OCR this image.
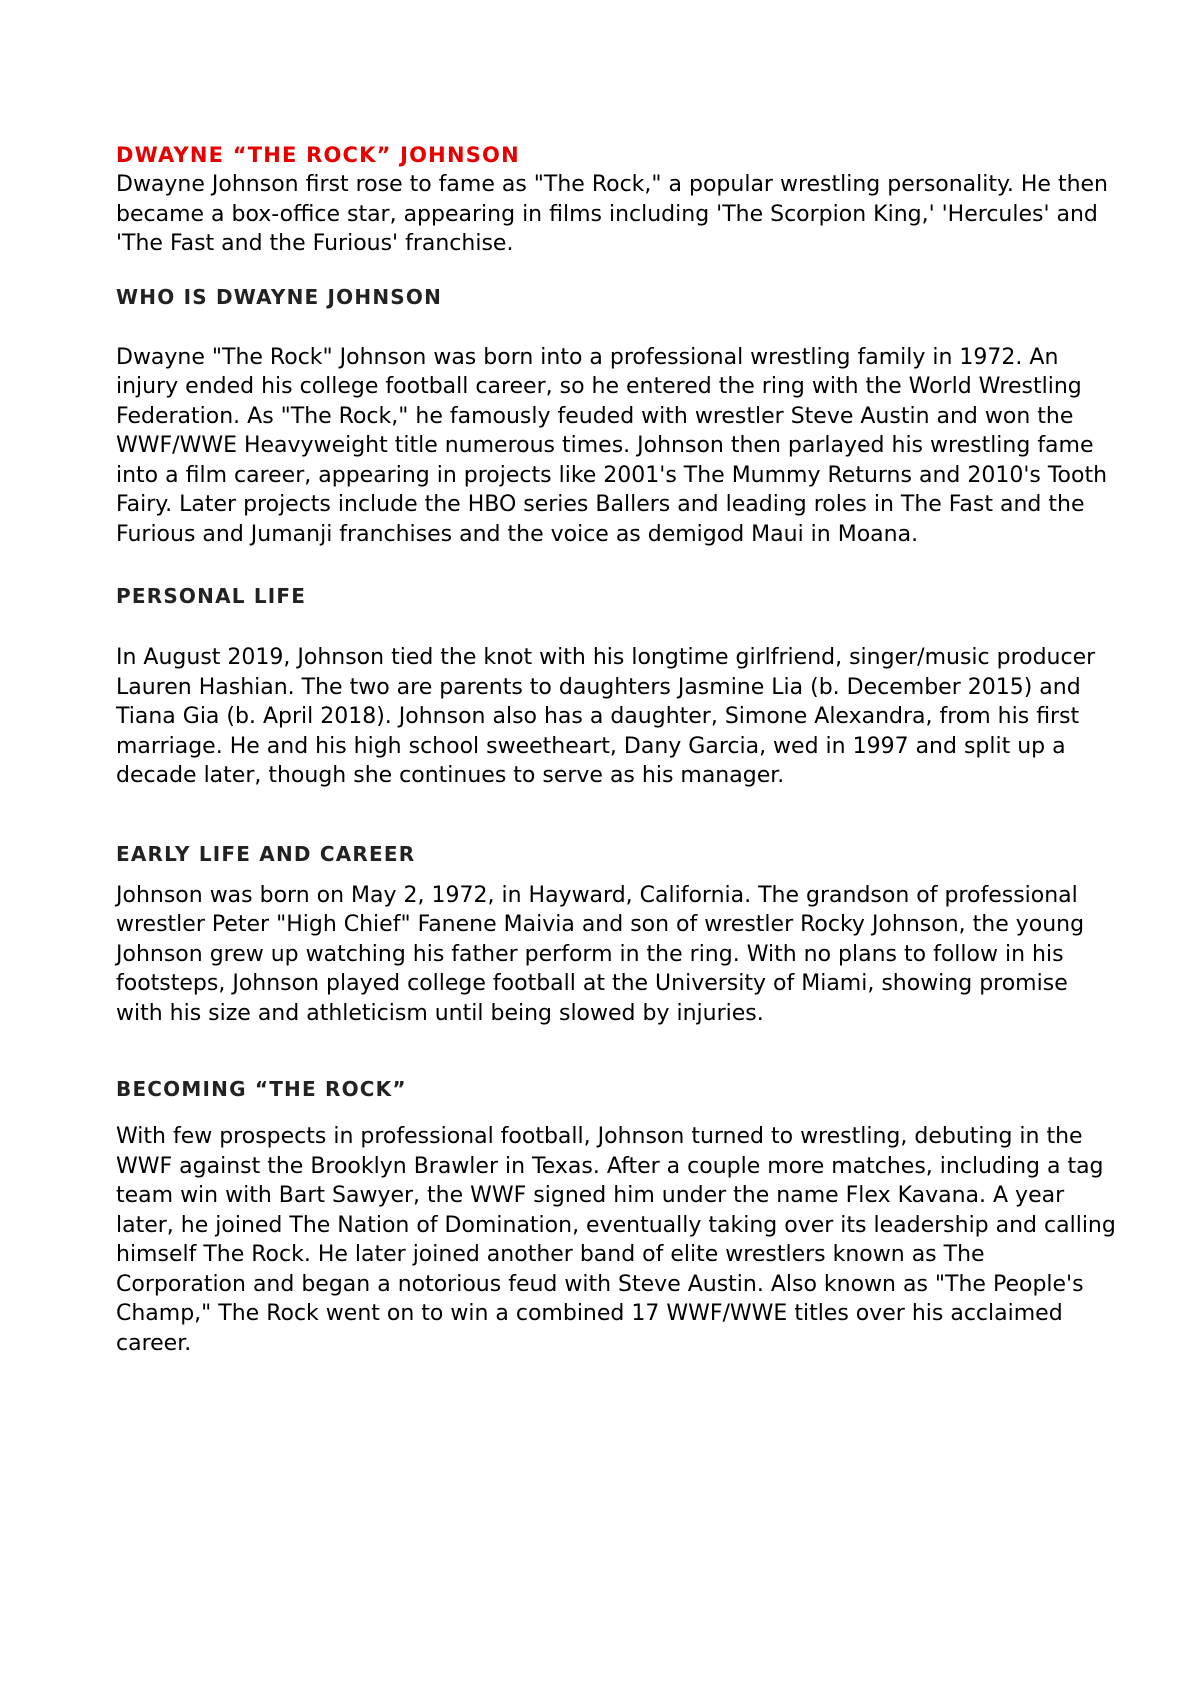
DWAYNE “THE ROCK” JOHNSON

Dwayne Johnson first rose to fame as "The Rock," a popular wrestling personality. He then became a box-office star, appearing in films including 'The Scorpion King,' 'Hercules' and 'The Fast and the Furious' franchise.

WHO IS DWAYNE JOHNSON

Dwayne "The Rock" Johnson was born into a professional wrestling family in 1972. An injury ended his college football career, so he entered the ring with the World Wrestling Federation. As "The Rock," he famously feuded with wrestler Steve Austin and won the WWF/WWE Heavyweight title numerous times. Johnson then parlayed his wrestling fame into a film career, appearing in projects like 2001's The Mummy Returns and 2010's Tooth Fairy. Later projects include the HBO series Ballers and leading roles in The Fast and the Furious and Jumanji franchises and the voice as demigod Maui in Moana.

PERSONAL LIFE

In August 2019, Johnson tied the knot with his longtime girlfriend, singer/music producer Lauren Hashian. The two are parents to daughters Jasmine Lia (b. December 2015) and Tiana Gia (b. April 2018). Johnson also has a daughter, Simone Alexandra, from his first marriage. He and his high school sweetheart, Dany Garcia, wed in 1997 and split up a decade later, though she continues to serve as his manager.

EARLY LIFE AND CAREER

Johnson was born on May 2, 1972, in Hayward, California. The grandson of professional wrestler Peter "High Chief" Fanene Maivia and son of wrestler Rocky Johnson, the young Johnson grew up watching his father perform in the ring. With no plans to follow in his footsteps, Johnson played college football at the University of Miami, showing promise with his size and athleticism until being slowed by injuries.

BECOMING “THE ROCK”

With few prospects in professional football, Johnson turned to wrestling, debuting in the WWF against the Brooklyn Brawler in Texas. After a couple more matches, including a tag team win with Bart Sawyer, the WWF signed him under the name Flex Kavana. A year later, he joined The Nation of Domination, eventually taking over its leadership and calling himself The Rock. He later joined another band of elite wrestlers known as The Corporation and began a notorious feud with Steve Austin. Also known as "The People's Champ," The Rock went on to win a combined 17 WWF/WWE titles over his acclaimed career.
